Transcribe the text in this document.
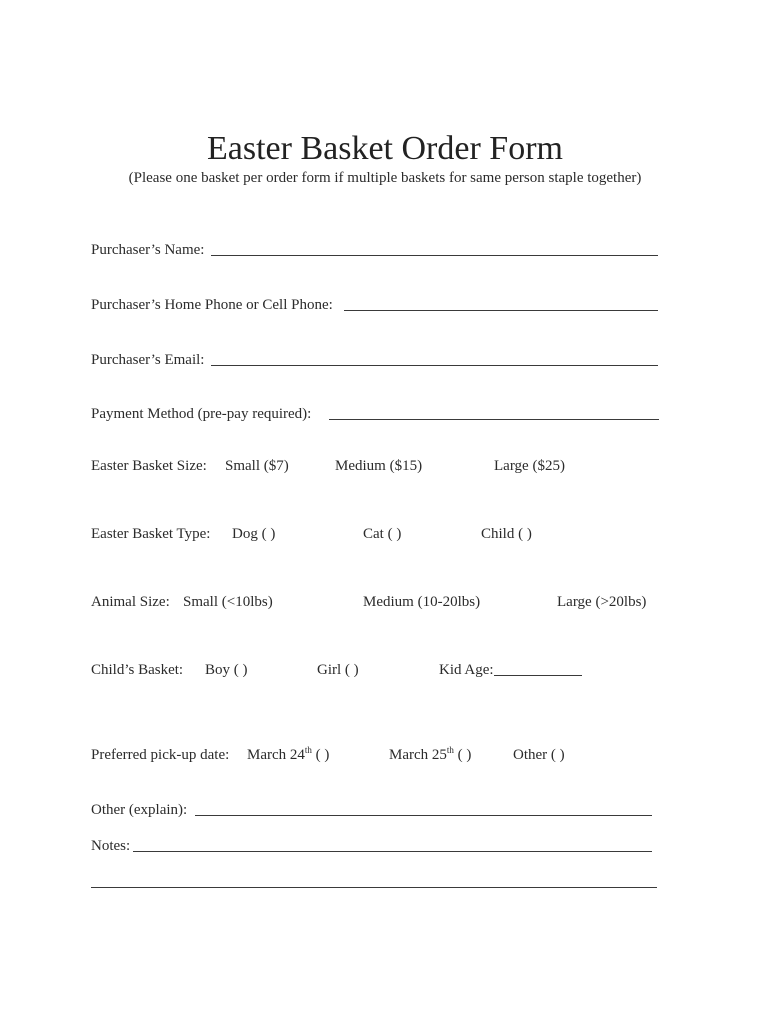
Easter Basket Order Form
(Please one basket per order form if multiple baskets for same person staple together)
Purchaser’s Name:
Purchaser’s Home Phone or Cell Phone:
Purchaser’s Email:
Payment Method (pre-pay required):
Easter Basket Size: Small ($7)	Medium ($15)	Large ($25)
Easter Basket Type: Dog ( )	Cat ( )	Child ( )
Animal Size: Small (<10lbs)	Medium (10-20lbs)	Large (>20lbs)
Child’s Basket: Boy ( )	Girl ( )	Kid Age:
Preferred pick-up date: March 24th ( )	March 25th ( )	Other ( )
Other (explain):
Notes:
